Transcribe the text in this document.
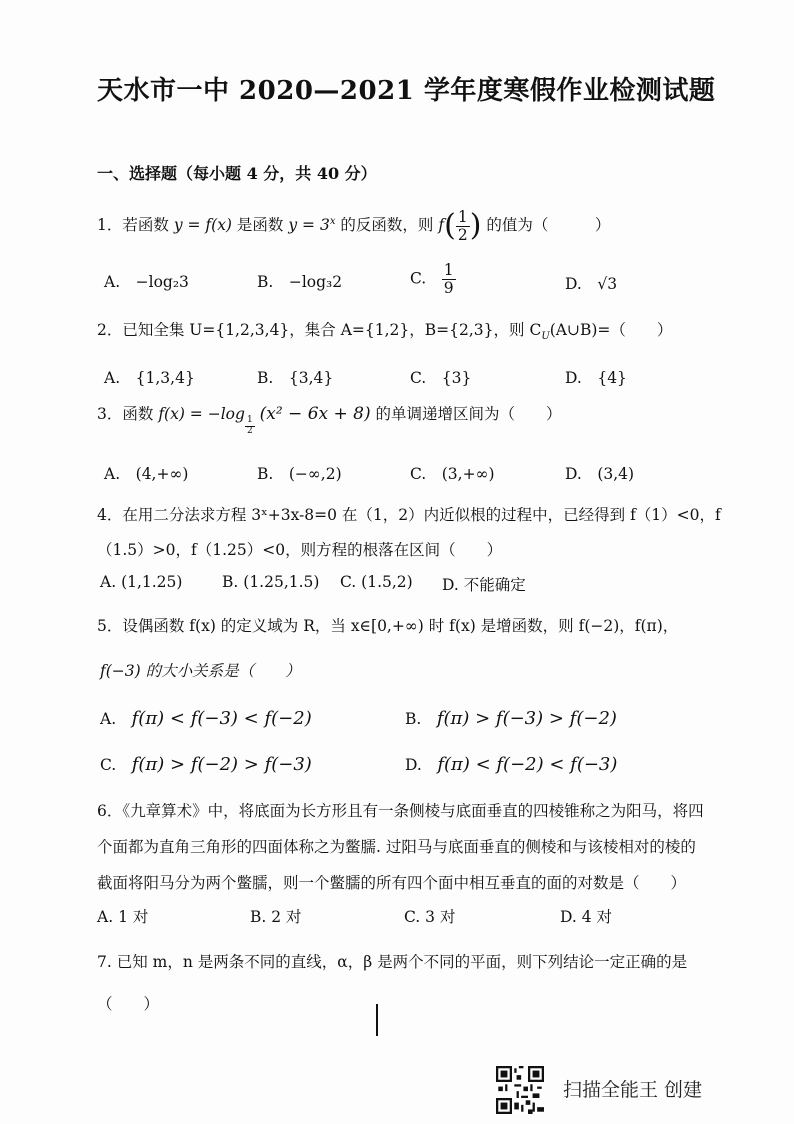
天水市一中 2020—2021 学年度寒假作业检测试题
一、选择题（每小题 4 分，共 40 分）
1．若函数 y = f(x) 是函数 $y = 3^x$ 的反函数，则 $f( \frac{1}{2}$ ) 的值为（　　　）
A.　 −log₂3	B.　 −log₃2	C.　 $\frac{1}{9}$	D.　 √3
2．已知全集 U={1,2,3,4}，集合 A={1,2}，B={2,3}，则 $C_U(A\cup B)=$（　　）
A.　 {1,3,4}	B.　 {3,4}	C.　 {3}	D.　 {4}
3．函数 f(x) = −log
$\frac{1}{2}$
(x² − 6x + 8) 的单调递增区间为（　　）
A.　 (4,+∞)	B.　 (−∞,2)	C.　 (3,+∞)	D.　 (3,4)
4．在用二分法求方程 3ˣ+3x-8=0 在（1，2）内近似根的过程中，已经得到 f（1）<0，f
（1.5）>0，f（1.25）<0，则方程的根落在区间（　　）
A. (1,1.25)	B. (1.25,1.5) C. (1.5,2) D. 不能确定
5．设偶函数 f(x) 的定义域为 R，当 x∈[0,+∞) 时 f(x) 是增函数，则 f(−2)，f(π)，
f(−3) 的大小关系是（　　）
A.　 f(π) < f(−3) < f(−2)	B.　 f(π) > f(−3) > f(−2)
C.　 f(π) > f(−2) > f(−3)	D.　 f(π) < f(−2) < f(−3)
6．《九章算术》中，将底面为长方形且有一条侧棱与底面垂直的四棱锥称之为阳马，将四
个面都为直角三角形的四面体称之为鳖臑. 过阳马与底面垂直的侧棱和与该棱相对的棱的
截面将阳马分为两个鳖臑，则一个鳖臑的所有四个面中相互垂直的面的对数是（　　）
A. 1 对	B. 2 对	C. 3 对	D. 4 对
7. 已知 m，n 是两条不同的直线，α，β 是两个不同的平面，则下列结论一定正确的是
（　　）
扫描全能王 创建
